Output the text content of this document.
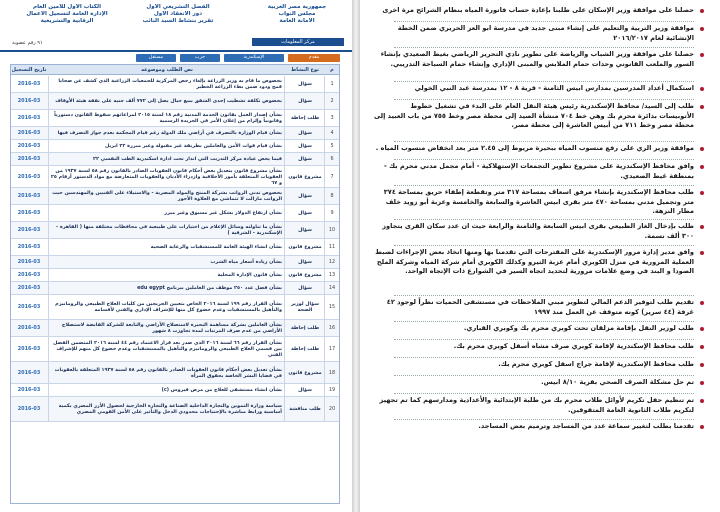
جمهورية مصر العربية
مجلس النواب
الأمانة العامة
مركز المعلومات
الفصل التشريعي الأول
دور الانعقاد الأول
تقرير بنشاط السيد النائب
الكتاب الأول للأمين العام
الإدارة العامة لتسجيل الأعمال
الرقابية والتشريعية
٩١ رقم عضوية
مقدم
الإسكندرية
حزب
مستقل
م
نوع النشاط
نص الطلب وموضوعه
تاريخ التسجيل
1
سؤال
بخصوص ما قام به وزير الزراعة بإلغاء رخص المركزية للجمعيات الزراعية الذي كشف عن ضحايا قمح ودود ضمن بطء الزراعة الخطير
2016-03
2
سؤال
بخصوص تكلفة تشطيب إحدى الشقق ببيع خيال يصل إلى ٧٧٢ ألف جنيه على نفقة هيئة الأوقاف
2016-03
3
طلب إحاطة
بشأن إصدار العمل بقانون الخدمة المدنية رقم ١٨ لسنة ٢٠١٥ لمراعاتهم سقوط القانون دستورياً وقانونياً وإلزام من إعلان الأمر في الجريدة الرسمية
2016-03
4
سؤال
بشأن قيام الوزارة بالتصرف في أراضي ملك الدولة رغم قيام المحكمة بعدم جواز التصرف فيها
2016-03
5
سؤال
بشأن قيام قوات الأمن والعاملين بطريقة غير مقبولة وغير مبررة ٢٢ ابريل
2016-03
6
سؤال
قيما يخص عيادة مركز التدريب التي اندار تحت ادارة اسكندرية الطب النفسي ٢٢
2016-03
7
مشروع قانون
بشأن مشروع قانون بتعديل بعض أحكام قانون العقوبات الصادر بالقانون رقم ٥٨ لسنة ١٩٣٧ من العقوبات المتعلقة بأمور الأخلاقية وازدراء الأديان والعقوبات المتعارضة مع مواد الدستور أرقام ٢٥ و ٦٧
2016-03
8
سؤال
بخصوص تدني الرواتب بشركة المنتج والمولد المصرية - والاستيلاء على الفنيين والمهندسين حيث الرواتب مازالت لا تتماشي مع العلاوة الأجور
2016-03
9
سؤال
بشأن ارتفاع الدولار بشكل غير مسبوق وغير مبرر
2016-03
10
سؤال
بشأن ما تناولته وسائل الإعلام من اختيارات على طبيعية في محافظات مختلفة منها ( القاهرة - الإسكندرية - الشرقية )
2016-03
11
مشروع قانون
بشأن انشاء الهيئة العامة للمستشفيات والرعاية الصحية
2016-03
12
سؤال
بشأن زيادة أسعار مياه الشرب
2016-03
13
مشروع قانون
بشأن قانون الإدارة المحلية
2016-03
14
سؤال
بشأن قصل عدد ٢٥٠ موظف من العاملين ببرنامج edu egypt
2016-03
15
سؤال لوزير الصحة
بشأن القرار رقم ١٩٩ لسنة ٢٠١٦ الخاص بتعيين الخريجين من كليات العلاج الطبيعي والرومانيزم والتأهيل بالمستشفيات وعدم خضوع كل منها للإشراف الإداري والفني لأقسامه
2016-03
16
طلب إحاطة
بشأن العاملين بشركة مساهمة البحيرة لاستصلاح الأراضي والتابعة للشركة القابضة لاستصلاح الأراضي من عدم صرف المرتبات لمدة تجاوزت ٨ شهور
2016-03
17
طلب إحاطة
بشأن القرار رقم ٦٦ لسنة ٢٠١٦ الذي صدر بعد قرار الاعتماد رقم ٤٤ لسنة ٢٠١٦ المتضمن الفصل بين قسمي العلاج الطبيعي والرومانيزم والتأهيل بالمستشفيات وعدم خضوع كل منهم للإشراف الفني
2016-03
18
مشروع قانون
بشأن تعديل بعض أحكام قانون العقوبات الصادر بالقانون رقم ٥٨ لسنة ١٩٣٧ المتعلقة بالعقوبات في قضايا النشر الخاصة بحقوق المرأة
2016-03
19
سؤال
بشأن انشاء مستشفى للعلاج من مرض فيروس (c)
2016-03
20
طلب مناقشة
سياسة وزارة التموين والتجارة الداخلية الصناعة والتجارة الخارجية لحصول الأرز المصري بكمية أساسية ورابط مباشرة بالإحتياجات محدودي الدخل والتأثير على الأمن القومي المصري
2016-03
حصلنا على موافقة وزير الإسكان على طلبنا بإعادة حساب فاتورة المياه بنظام الشرائح مرة اخرى
موافقة وزير التربية والتعليم على إنشاء مبنى جديد في مدرسة ابو العز الحريري ضمن الخطة الإنشائية لعام ٢٠١٦/٢٠١٧
حصلنا على موافقة وزير الشباب والرياضة على تطوير نادي التحرير الرياضي بغيط الصعيدي بإنشاء السور والملعب القانوني وحدات حمام الملابس والمبنى الإداري وإنشاء حمام السباحة التدريبي.
استكمال أعداد المدرسين بمدارس ابيس الثامنة - قرية ٨ - ١٢ بمدرسة عبد النبي الخولي
طلب إلى السيد/ محافظ الإسكندرية رئيس هيئة النقل العام على البدء في تشغيل خطوط الأتوبيسات بدائرة محرم بك وهي خط ٧٠٤ منشأة الصيد إلى محطة مصر وخط ٧٥٥ من باب العبيد إلى محطة مصر وخط ٧١١ من أبيس العاشرة إلى محطة مصر.
موافقة وزير الري على رفع منسوب المياه ببحيرة مريوط إلى ٢.٤٥ متر بعد انخفاض منسوب المياه .
وافق محافظ الإسكندرية على مشروع تطوير التجمعات الإستهلاكية - أمام مجمل مدني محرم بك - بمنطقة غيط الصعيدي.
طلب محافظ الإسكندرية بإنشاء مرفق اسعاف بمساحة ٣١٧ متر وتقطعة إطفاء حريق بمساحة ٣٧٤ متر وتجميل مدني بمساحة ٤٧٠ متر بقرى ابيس العاشرة والسابعة والخامسة وعزبة أبو زويد خلف مطار النزهة.
طلب بإدخال الغاز الطبيعي بقرى ابيس السابعة والثامنة والرابعة حيث ان عدد سكان القرى يتجاوز ٣٠٠ ألف نسمة.
وافق مدير إدارة مرور الإسكندرية على المقترحات التي تقدمنا بها ومنها اتخاذ بعض الإجراءات لضبط العملية المرورية في منزل الكوبري أمام عزبة التيرو وكذلك الكوبري أمام شركة المياه وشركة الملح الصودا و البند في وضع علامات مرورية لتحديد اتجاه السير في الشوارع ذات الإتجاه الواحد.
تقديم طلب لتوفير الدعم المالي لتطوير مبني الملاحظات في مستشفى الحميات نظراً لوجود ٤٢ غرفة (٤٤ سرير) كونه متوقف عن العمل منذ ١٩٩٧
طلب لوزير النقل بإقامة مزلقان تحت كوبري محرم بك وكوبري القباري.
طلب محافظ الإسكندرية لإقامة كوبري صرف مشاه أسفل كوبري محرم بك.
طلب محافظ الإسكندرية لإقامة جراج اسفل كوبري محرم بك.
تم حل مشكلة الصرف الصحي بقرية ٨/١٠ ابيس.
تم تنظيم حفل تكريم لأوائل طلاب محرم بك من طلبة الإبتدائية والأعدادية ومدارسهم كما تم تجهيز لتكريم طلاب الثانوية العامة المتفوقين.
تقدمنا بطلب لتغيير سماعة عدد من المساجد وترميم بعض المساجد.
